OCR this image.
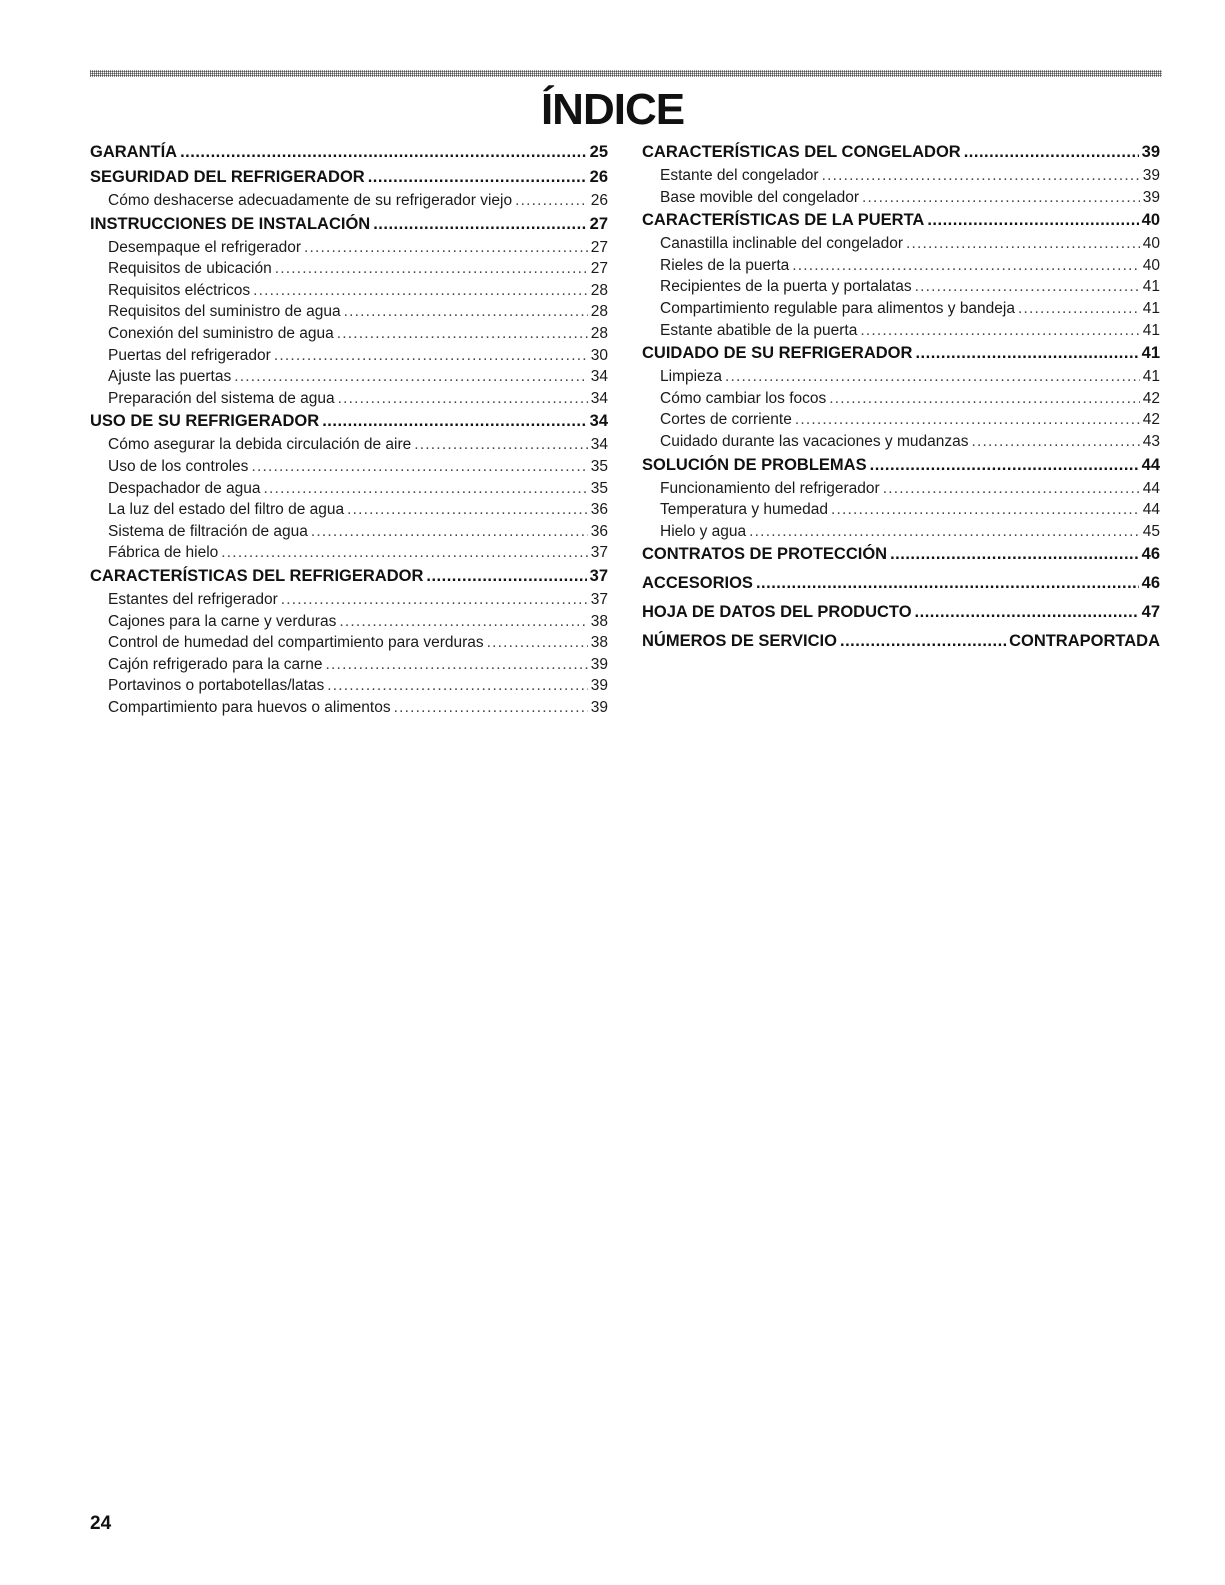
ÍNDICE
GARANTÍA .....	25
SEGURIDAD DEL REFRIGERADOR .....	26
Cómo deshacerse adecuadamente de su refrigerador viejo .....	26
INSTRUCCIONES DE INSTALACIÓN .....	27
Desempaque el refrigerador .....	27
Requisitos de ubicación .....	27
Requisitos eléctricos .....	28
Requisitos del suministro de agua .....	28
Conexión del suministro de agua .....	28
Puertas del refrigerador .....	30
Ajuste las puertas .....	34
Preparación del sistema de agua .....	34
USO DE SU REFRIGERADOR .....	34
Cómo asegurar la debida circulación de aire .....	34
Uso de los controles .....	35
Despachador de agua .....	35
La luz del estado del filtro de agua .....	36
Sistema de filtración de agua .....	36
Fábrica de hielo .....	37
CARACTERÍSTICAS DEL REFRIGERADOR .....	37
Estantes del refrigerador .....	37
Cajones para la carne y verduras .....	38
Control de humedad del compartimiento para verduras .....	38
Cajón refrigerado para la carne .....	39
Portavinos o portabotellas/latas .....	39
Compartimiento para huevos o alimentos .....	39
CARACTERÍSTICAS DEL CONGELADOR .....	39
Estante del congelador .....	39
Base movible del congelador .....	39
CARACTERÍSTICAS DE LA PUERTA .....	40
Canastilla inclinable del congelador .....	40
Rieles de la puerta .....	40
Recipientes de la puerta y portalatas .....	41
Compartimiento regulable para alimentos y bandeja .....	41
Estante abatible de la puerta .....	41
CUIDADO DE SU REFRIGERADOR .....	41
Limpieza .....	41
Cómo cambiar los focos .....	42
Cortes de corriente .....	42
Cuidado durante las vacaciones y mudanzas .....	43
SOLUCIÓN DE PROBLEMAS .....	44
Funcionamiento del refrigerador .....	44
Temperatura y humedad .....	44
Hielo y agua .....	45
CONTRATOS DE PROTECCIÓN .....	46
ACCESORIOS .....	46
HOJA DE DATOS DEL PRODUCTO .....	47
NÚMEROS DE SERVICIO .....	CONTRAPORTADA
24
